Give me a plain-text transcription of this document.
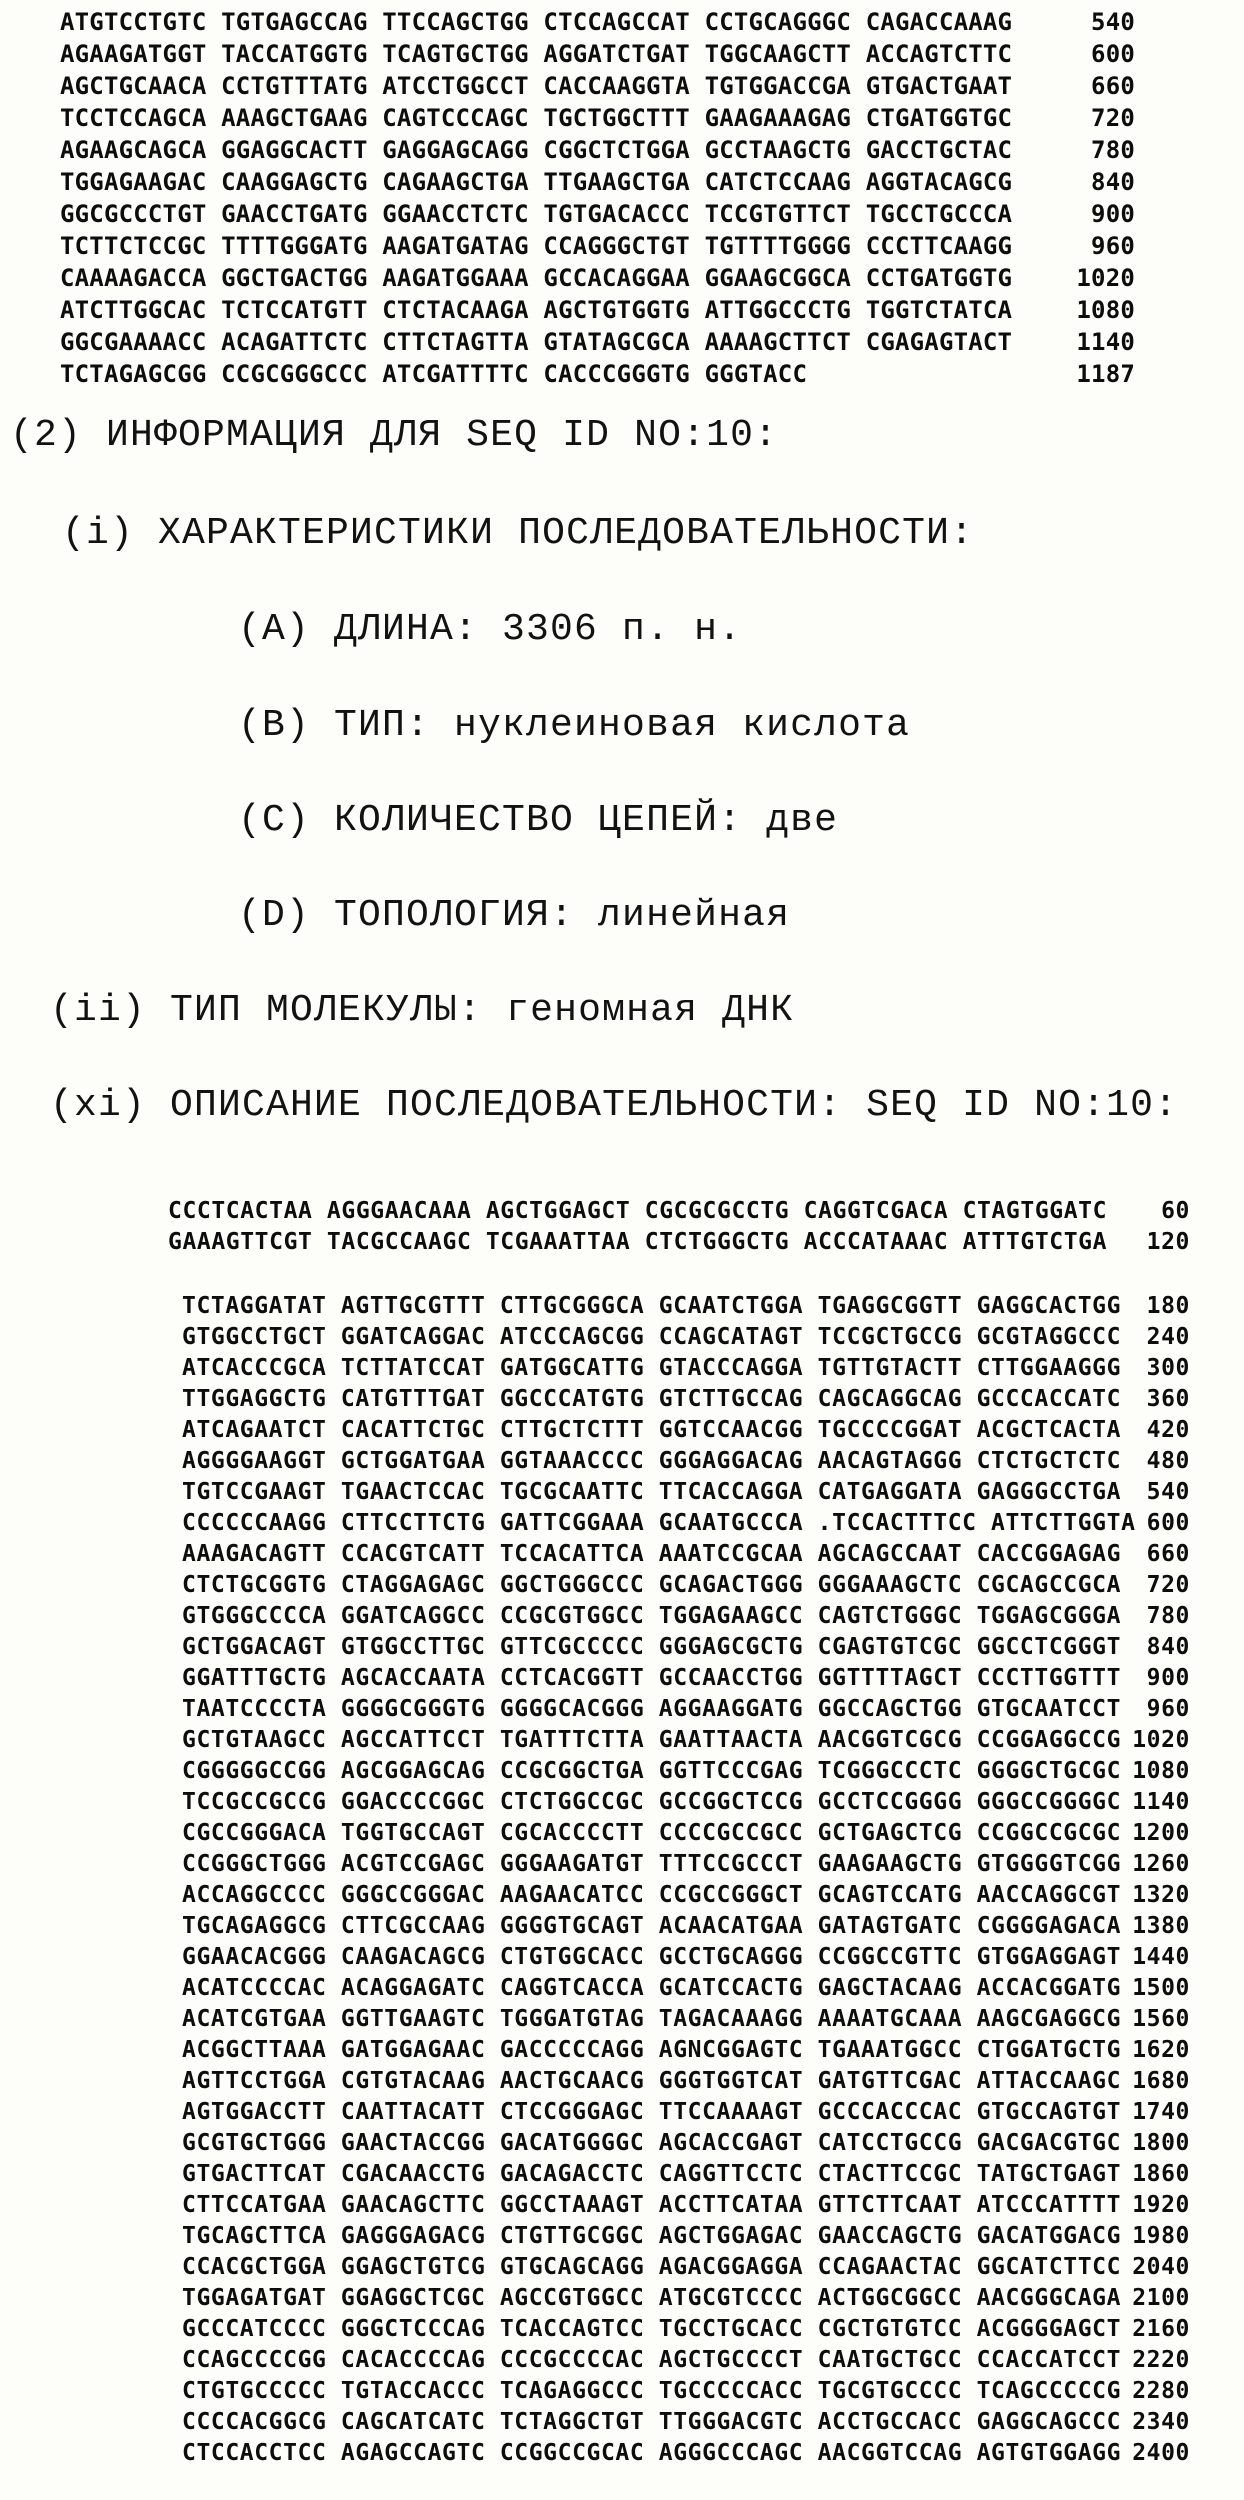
ATGTCCTGTC TGTGAGCCAG TTCCAGCTGG CTCCAGCCAT CCTGCAGGGC CAGACCAAAG	540
AGAAGATGGT TACCATGGTG TCAGTGCTGG AGGATCTGAT TGGCAAGCTT ACCAGTCTTC	600
AGCTGCAACA CCTGTTTATG ATCCTGGCCT CACCAAGGTA TGTGGACCGA GTGACTGAAT	660
TCCTCCAGCA AAAGCTGAAG CAGTCCCAGC TGCTGGCTTT GAAGAAAGAG CTGATGGTGC	720
AGAAGCAGCA GGAGGCACTT GAGGAGCAGG CGGCTCTGGA GCCTAAGCTG GACCTGCTAC	780
TGGAGAAGAC CAAGGAGCTG CAGAAGCTGA TTGAAGCTGA CATCTCCAAG AGGTACAGCG	840
GGCGCCCTGT GAACCTGATG GGAACCTCTC TGTGACACCC TCCGTGTTCT TGCCTGCCCA	900
TCTTCTCCGC TTTTGGGATG AAGATGATAG CCAGGGCTGT TGTTTTGGGG CCCTTCAAGG	960
CAAAAGACCA GGCTGACTGG AAGATGGAAA GCCACAGGAA GGAAGCGGCA CCTGATGGTG	1020
ATCTTGGCAC TCTCCATGTT CTCTACAAGA AGCTGTGGTG ATTGGCCCTG TGGTCTATCA	1080
GGCGAAAACC ACAGATTCTC CTTCTAGTTA GTATAGCGCA AAAAGCTTCT CGAGAGTACT	1140
TCTAGAGCGG CCGCGGGCCC ATCGATTTTC CACCCGGGTG GGGTACC	1187
(2) ИНФОРМАЦИЯ ДЛЯ SEQ ID NO:10:
(i) ХАРАКТЕРИСТИКИ ПОСЛЕДОВАТЕЛЬНОСТИ:
(A) ДЛИНА: 3306 п. н.
(B) ТИП: нуклеиновая кислота
(C) КОЛИЧЕСТВО ЦЕПЕЙ: две
(D) ТОПОЛОГИЯ: линейная
(ii) ТИП МОЛЕКУЛЫ: геномная ДНК
(xi) ОПИСАНИЕ ПОСЛЕДОВАТЕЛЬНОСТИ: SEQ ID NO:10:
CCCTCACTAA AGGGAACAAA AGCTGGAGCT CGCGCGCCTG CAGGTCGACA CTAGTGGATC 60
GAAAGTTCGT TACGCCAAGC TCGAAATTAA CTCTGGGCTG ACCCATAAAC ATTTGTCTGA 120
TCTAGGATAT AGTTGCGTTT CTTGCGGGCA GCAATCTGGA TGAGGCGGTT GAGGCACTGG 180
GTGGCCTGCT GGATCAGGAC ATCCCAGCGG CCAGCATAGT TCCGCTGCCG GCGTAGGCCC 240
ATCACCCGCA TCTTATCCAT GATGGCATTG GTACCCAGGA TGTTGTACTT CTTGGAAGGG 300
TTGGAGGCTG CATGTTTGAT GGCCCATGTG GTCTTGCCAG CAGCAGGCAG GCCCACCATC 360
ATCAGAATCT CACATTCTGC CTTGCTCTTT GGTCCAACGG TGCCCCGGAT ACGCTCACTA 420
AGGGGAAGGT GCTGGATGAA GGTAAACCCC GGGAGGACAG AACAGTAGGG CTCTGCTCTC 480
TGTCCGAAGT TGAACTCCAC TGCGCAATTC TTCACCAGGA CATGAGGATA GAGGGCCTGA 540
CCCCCCAAGG CTTCCTTCTG GATTCGGAAA GCAATGCCCA .TCCACTTTCC ATTCTTGGTA 600
AAAGACAGTT CCACGTCATT TCCACATTCA AAATCCGCAA AGCAGCCAAT CACCGGAGAG 660
CTCTGCGGTG CTAGGAGAGC GGCTGGGCCC GCAGACTGGG GGGAAAGCTC CGCAGCCGCA 720
GTGGGCCCCA GGATCAGGCC CCGCGTGGCC TGGAGAAGCC CAGTCTGGGC TGGAGCGGGA 780
GCTGGACAGT GTGGCCTTGC GTTCGCCCCC GGGAGCGCTG CGAGTGTCGC GGCCTCGGGT 840
GGATTTGCTG AGCACCAATA CCTCACGGTT GCCAACCTGG GGTTTTAGCT CCCTTGGTTT 900
TAATCCCCTA GGGGCGGGTG GGGGCACGGG AGGAAGGATG GGCCAGCTGG GTGCAATCCT 960
GCTGTAAGCC AGCCATTCCT TGATTTCTTA GAATTAACTA AACGGTCGCG CCGGAGGCCG 1020
CGGGGGCCGG AGCGGAGCAG CCGCGGCTGA GGTTCCCGAG TCGGGCCCTC GGGGCTGCGC 1080
TCCGCCGCCG GGACCCCGGC CTCTGGCCGC GCCGGCTCCG GCCTCCGGGG GGGCCGGGGC 1140
CGCCGGGACA TGGTGCCAGT CGCACCCCTT CCCCGCCGCC GCTGAGCTCG CCGGCCGCGC 1200
CCGGGCTGGG ACGTCCGAGC GGGAAGATGT TTTCCGCCCT GAAGAAGCTG GTGGGGTCGG 1260
ACCAGGCCCC GGGCCGGGAC AAGAACATCC CCGCCGGGCT GCAGTCCATG AACCAGGCGT 1320
TGCAGAGGCG CTTCGCCAAG GGGGTGCAGT ACAACATGAA GATAGTGATC CGGGGAGACA 1380
GGAACACGGG CAAGACAGCG CTGTGGCACC GCCTGCAGGG CCGGCCGTTC GTGGAGGAGT 1440
ACATCCCCAC ACAGGAGATC CAGGTCACCA GCATCCACTG GAGCTACAAG ACCACGGATG 1500
ACATCGTGAA GGTTGAAGTC TGGGATGTAG TAGACAAAGG AAAATGCAAA AAGCGAGGCG 1560
ACGGCTTAAA GATGGAGAAC GACCCCCAGG AGNCGGAGTC TGAAATGGCC CTGGATGCTG 1620
AGTTCCTGGA CGTGTACAAG AACTGCAACG GGGTGGTCAT GATGTTCGAC ATTACCAAGC 1680
AGTGGACCTT CAATTACATT CTCCGGGAGC TTCCAAAAGT GCCCACCCAC GTGCCAGTGT 1740
GCGTGCTGGG GAACTACCGG GACATGGGGC AGCACCGAGT CATCCTGCCG GACGACGTGC 1800
GTGACTTCAT CGACAACCTG GACAGACCTC CAGGTTCCTC CTACTTCCGC TATGCTGAGT 1860
CTTCCATGAA GAACAGCTTC GGCCTAAAGT ACCTTCATAA GTTCTTCAAT ATCCCATTTT 1920
TGCAGCTTCA GAGGGAGACG CTGTTGCGGC AGCTGGAGAC GAACCAGCTG GACATGGACG 1980
CCACGCTGGA GGAGCTGTCG GTGCAGCAGG AGACGGAGGA CCAGAACTAC GGCATCTTCC 2040
TGGAGATGAT GGAGGCTCGC AGCCGTGGCC ATGCGTCCCC ACTGGCGGCC AACGGGCAGA 2100
GCCCATCCCC GGGCTCCCAG TCACCAGTCC TGCCTGCACC CGCTGTGTCC ACGGGGAGCT 2160
CCAGCCCCGG CACACCCCAG CCCGCCCCAC AGCTGCCCCT CAATGCTGCC CCACCATCCT 2220
CTGTGCCCCC TGTACCACCC TCAGAGGCCC TGCCCCCACC TGCGTGCCCC TCAGCCCCCG 2280
CCCCACGGCG CAGCATCATC TCTAGGCTGT TTGGGACGTC ACCTGCCACC GAGGCAGCCC 2340
CTCCACCTCC AGAGCCAGTC CCGGCCGCAC AGGGCCCAGC AACGGTCCAG AGTGTGGAGG 2400
